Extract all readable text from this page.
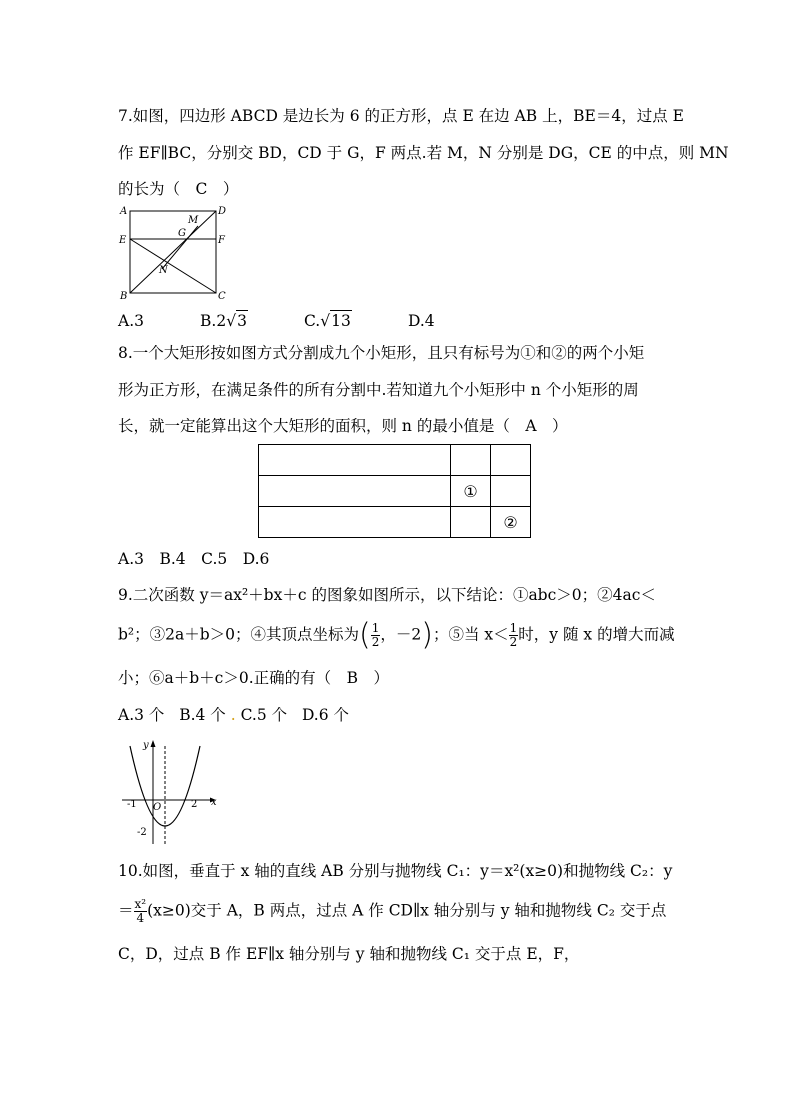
7.如图，四边形 ABCD 是边长为 6 的正方形，点 E 在边 AB 上，BE＝4，过点 E
作 EF∥BC，分别交 BD，CD 于 G，F 两点.若 M，N 分别是 DG，CE 的中点，则 MN
的长为（　C　）
A	D
E	F
B	C
M
G
N
A.3	B.2√3	C.√13	D.4
8.一个大矩形按如图方式分割成九个小矩形，且只有标号为①和②的两个小矩
形为正方形，在满足条件的所有分割中.若知道九个小矩形中 n 个小矩形的周
长，就一定能算出这个大矩形的面积，则 n 的最小值是（　A　）

	①	
		②
A.3　B.4　C.5　D.6
9.二次函数 y＝ax²＋bx＋c 的图象如图所示，以下结论：①abc＞0；②4ac＜
b²；③2a＋b＞0；④其顶点坐标为( $\frac{1}{2}$ ，－2)；⑤当 $x< \frac{1}{2}$ 时，y 随 x 的增大而减
小；⑥a＋b＋c＞0.正确的有（　B　）
A.3 个 B.4 个 . C.5 个 D.6 个
y
x
O
-1	2
-2
10.如图，垂直于 x 轴的直线 AB 分别与抛物线 C₁：y＝x²(x≥0)和抛物线 C₂：y
＝ $\frac{\text{x²}}{4} (x\ge 0)$交于 A，B 两点，过点 A 作 CD∥x 轴分别与 y 轴和抛物线 C₂ 交于点
C，D，过点 B 作 EF∥x 轴分别与 y 轴和抛物线 C₁ 交于点 E，F，
